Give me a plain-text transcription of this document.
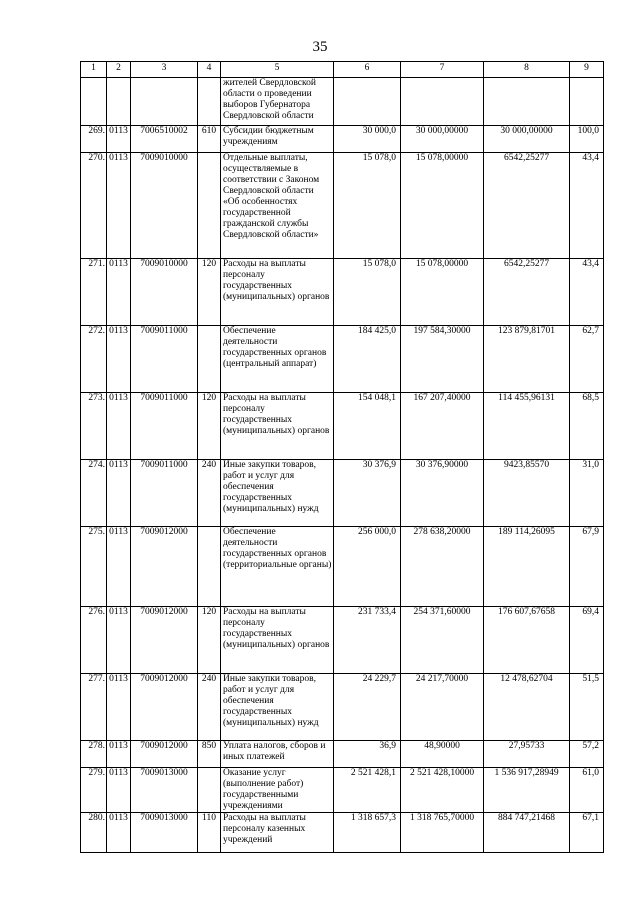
35
1	2	3	4	5	6	7	8	9
				жителей Свердловской области о проведении выборов Губернатора Свердловской области				
269.	0113	7006510002	610	Субсидии бюджетным учреждениям	30 000,0	30 000,00000	30 000,00000	100,0
270.	0113	7009010000		Отдельные выплаты, осуществляемые в соответствии с Законом Свердловской области «Об особенностях государственной гражданской службы Свердловской области»	15 078,0	15 078,00000	6542,25277	43,4
271.	0113	7009010000	120	Расходы на выплаты персоналу государственных (муниципальных) органов	15 078,0	15 078,00000	6542,25277	43,4
272.	0113	7009011000		Обеспечение деятельности государственных органов (центральный аппарат)	184 425,0	197 584,30000	123 879,81701	62,7
273.	0113	7009011000	120	Расходы на выплаты персоналу государственных (муниципальных) органов	154 048,1	167 207,40000	114 455,96131	68,5
274.	0113	7009011000	240	Иные закупки товаров, работ и услуг для обеспечения государственных (муниципальных) нужд	30 376,9	30 376,90000	9423,85570	31,0
275.	0113	7009012000		Обеспечение деятельности государственных органов (территориальные органы)	256 000,0	278 638,20000	189 114,26095	67,9
276.	0113	7009012000	120	Расходы на выплаты персоналу государственных (муниципальных) органов	231 733,4	254 371,60000	176 607,67658	69,4
277.	0113	7009012000	240	Иные закупки товаров, работ и услуг для обеспечения государственных (муниципальных) нужд	24 229,7	24 217,70000	12 478,62704	51,5
278.	0113	7009012000	850	Уплата налогов, сборов и иных платежей	36,9	48,90000	27,95733	57,2
279.	0113	7009013000		Оказание услуг (выполнение работ) государственными учреждениями	2 521 428,1	2 521 428,10000	1 536 917,28949	61,0
280.	0113	7009013000	110	Расходы на выплаты персоналу казенных учреждений	1 318 657,3	1 318 765,70000	884 747,21468	67,1
